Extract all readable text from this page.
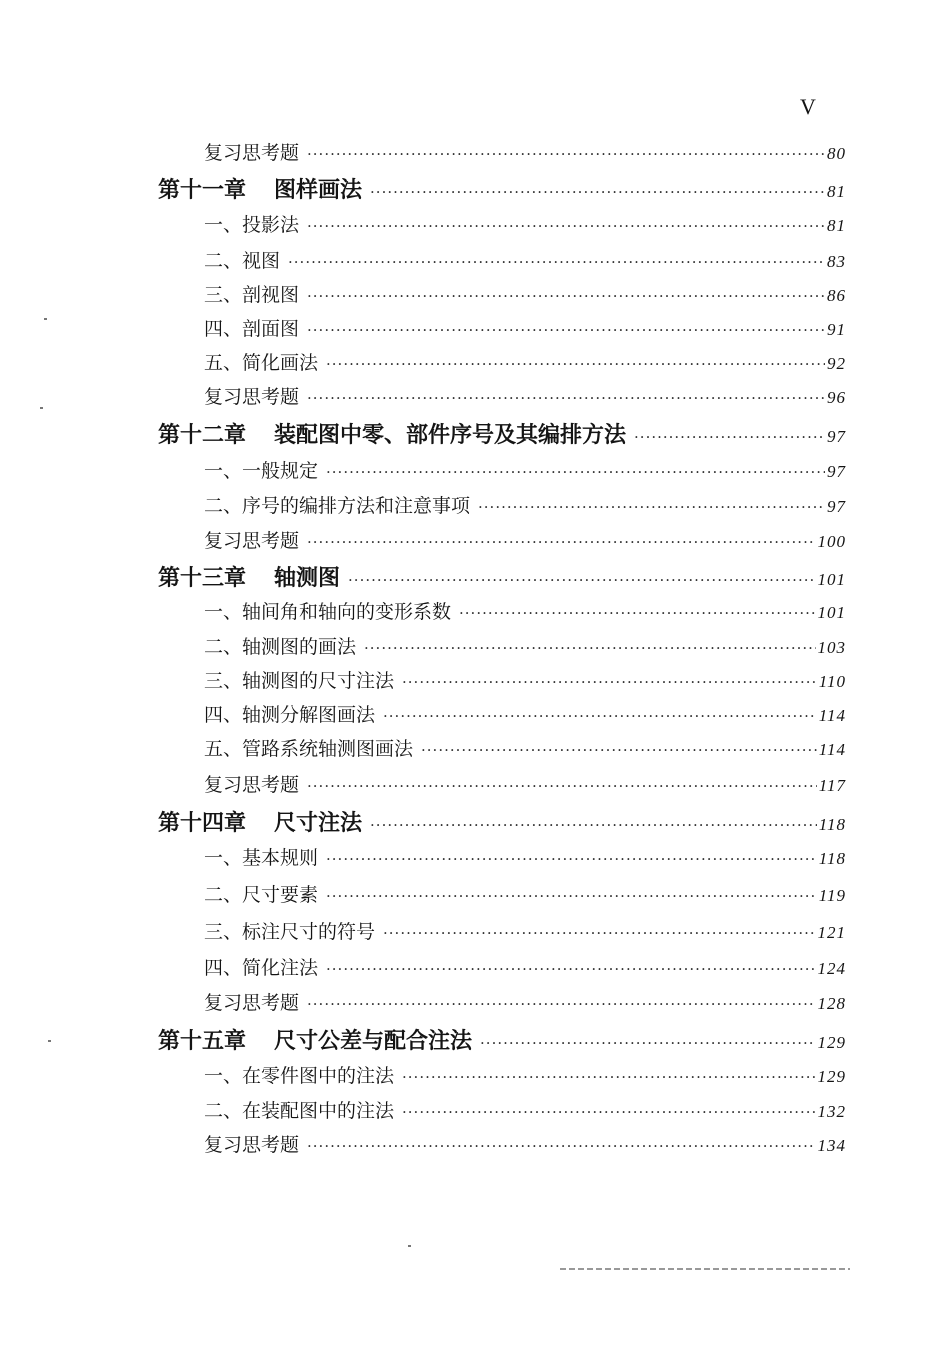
V
复习思考题 ·····	80
第十一章 图样画法 ·····	81
一、投影法 ·····	81
二、视图 ·····	83
三、剖视图 ·····	86
四、剖面图 ·····	91
五、简化画法 ·····	92
复习思考题 ·····	96
第十二章 装配图中零、部件序号及其编排方法 ·····	97
一、一般规定 ·····	97
二、序号的编排方法和注意事项 ·····	97
复习思考题 ·····	100
第十三章 轴测图 ·····	101
一、轴间角和轴向的变形系数 ·····	101
二、轴测图的画法 ·····	103
三、轴测图的尺寸注法 ·····	110
四、轴测分解图画法 ·····	114
五、管路系统轴测图画法 ·····	114
复习思考题 ·····	117
第十四章 尺寸注法 ·····	118
一、基本规则 ·····	118
二、尺寸要素 ·····	119
三、标注尺寸的符号 ·····	121
四、简化注法 ·····	124
复习思考题 ·····	128
第十五章 尺寸公差与配合注法 ·····	129
一、在零件图中的注法 ·····	129
二、在装配图中的注法 ·····	132
复习思考题 ·····	134
